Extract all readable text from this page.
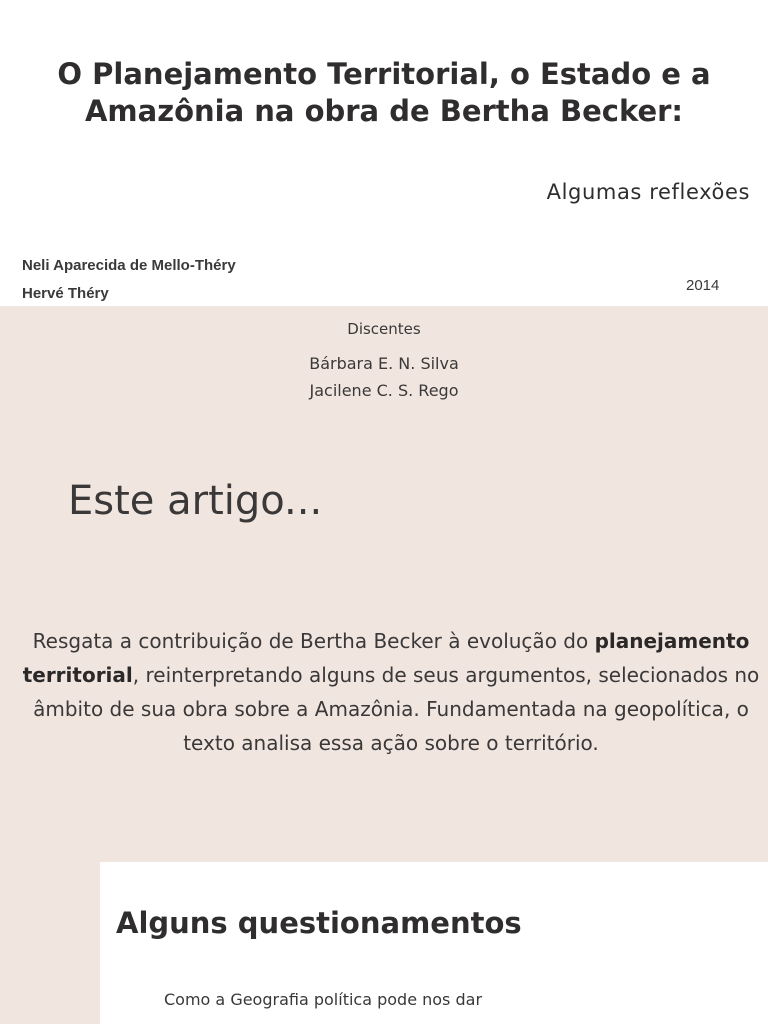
O Planejamento Territorial, o Estado e a Amazônia na obra de Bertha Becker:

Algumas reflexões

Neli Aparecida de Mello-Théry

Hervé Théry	2014

Discentes

Bárbara E. N. Silva

Jacilene C. S. Rego

Este artigo...

Resgata a contribuição de Bertha Becker à evolução do planejamento territorial, reinterpretando alguns de seus argumentos, selecionados no âmbito de sua obra sobre a Amazônia. Fundamentada na geopolítica, o texto analisa essa ação sobre o território.

Alguns questionamentos

Como a Geografia política pode nos dar
